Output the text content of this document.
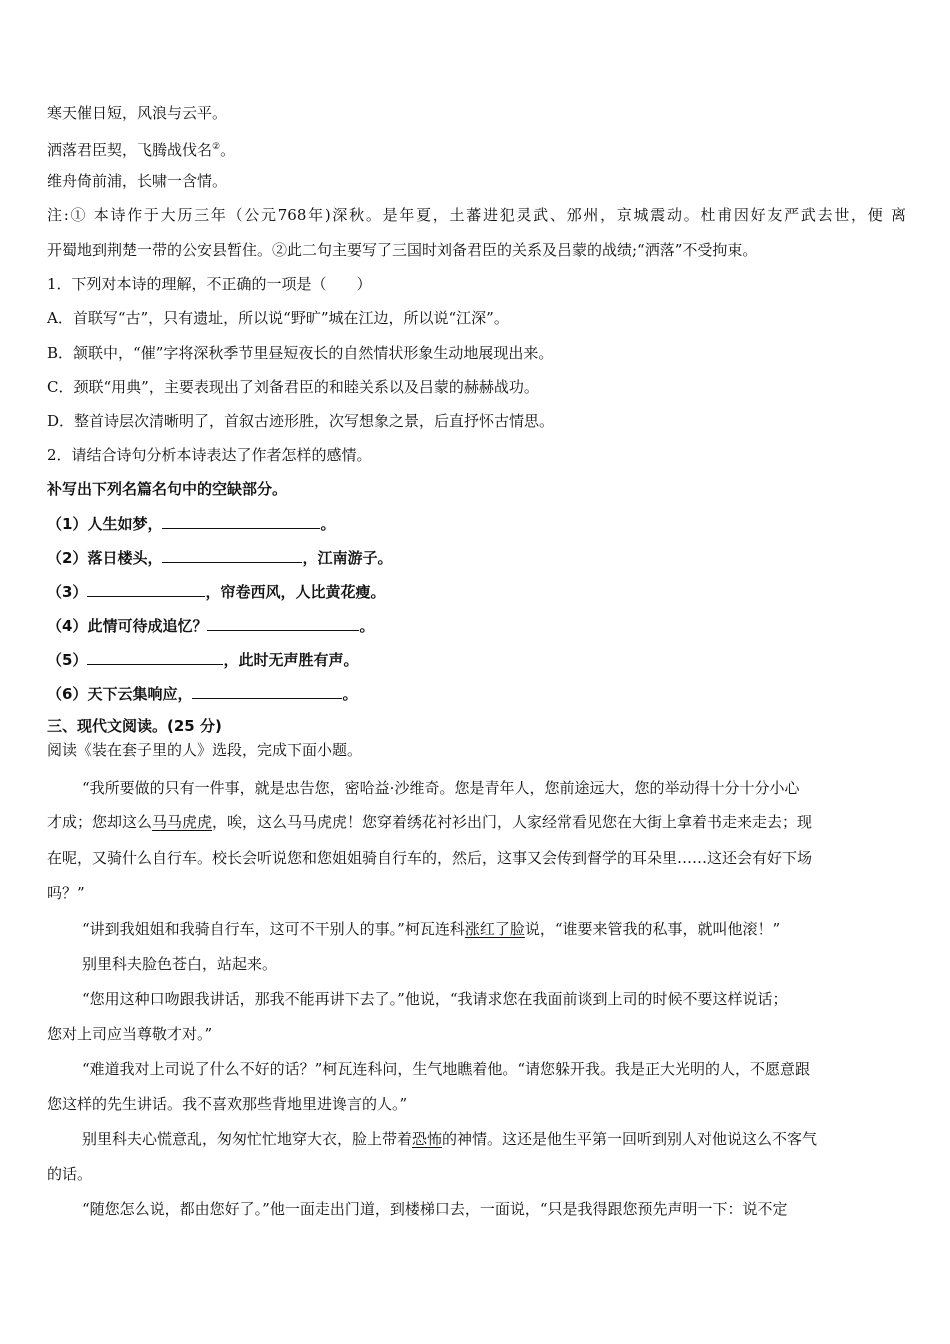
寒天催日短，风浪与云平。
洒落君臣契，飞腾战伐名②。
维舟倚前浦，长啸一含情。
注:① 本诗作于大历三年（公元768年)深秋。是年夏，土蕃进犯灵武、邠州，京城震动。杜甫因好友严武去世，便 离
开蜀地到荆楚一带的公安县暂住。②此二句主要写了三国时刘备君臣的关系及吕蒙的战绩;“洒落”不受拘束。
1．下列对本诗的理解，不正确的一项是（　　）
A．首联写“古”，只有遗址，所以说“野旷”城在江边，所以说“江深”。
B．颔联中，“催”字将深秋季节里昼短夜长的自然情状形象生动地展现出来。
C．颈联“用典”，主要表现出了刘备君臣的和睦关系以及吕蒙的赫赫战功。
D．整首诗层次清晰明了，首叙古迹形胜，次写想象之景，后直抒怀古情思。
2．请结合诗句分析本诗表达了作者怎样的感情。
补写出下列名篇名句中的空缺部分。
（1）人生如梦，	。
（2）落日楼头，	，江南游子。
（3）	，帘卷西风，人比黄花瘦。
（4）此情可待成追忆？	。
（5）	，此时无声胜有声。
（6）天下云集响应，	。
三、现代文阅读。(25 分)
阅读《装在套子里的人》选段，完成下面小题。
“我所要做的只有一件事，就是忠告您，密哈益·沙维奇。您是青年人，您前途远大，您的举动得十分十分小心
才成；您却这么马马虎虎，唉，这么马马虎虎！您穿着绣花衬衫出门，人家经常看见您在大街上拿着书走来走去；现
在呢，又骑什么自行车。校长会听说您和您姐姐骑自行车的，然后，这事又会传到督学的耳朵里……这还会有好下场
吗？”
“讲到我姐姐和我骑自行车，这可不干别人的事。”柯瓦连科涨红了脸说，“谁要来管我的私事，就叫他滚！”
别里科夫脸色苍白，站起来。
“您用这种口吻跟我讲话，那我不能再讲下去了。”他说，“我请求您在我面前谈到上司的时候不要这样说话；
您对上司应当尊敬才对。”
“难道我对上司说了什么不好的话？”柯瓦连科问，生气地瞧着他。“请您躲开我。我是正大光明的人，不愿意跟
您这样的先生讲话。我不喜欢那些背地里进谗言的人。”
别里科夫心慌意乱，匆匆忙忙地穿大衣，脸上带着恐怖的神情。这还是他生平第一回听到别人对他说这么不客气
的话。
“随您怎么说，都由您好了。”他一面走出门道，到楼梯口去，一面说，“只是我得跟您预先声明一下：说不定
